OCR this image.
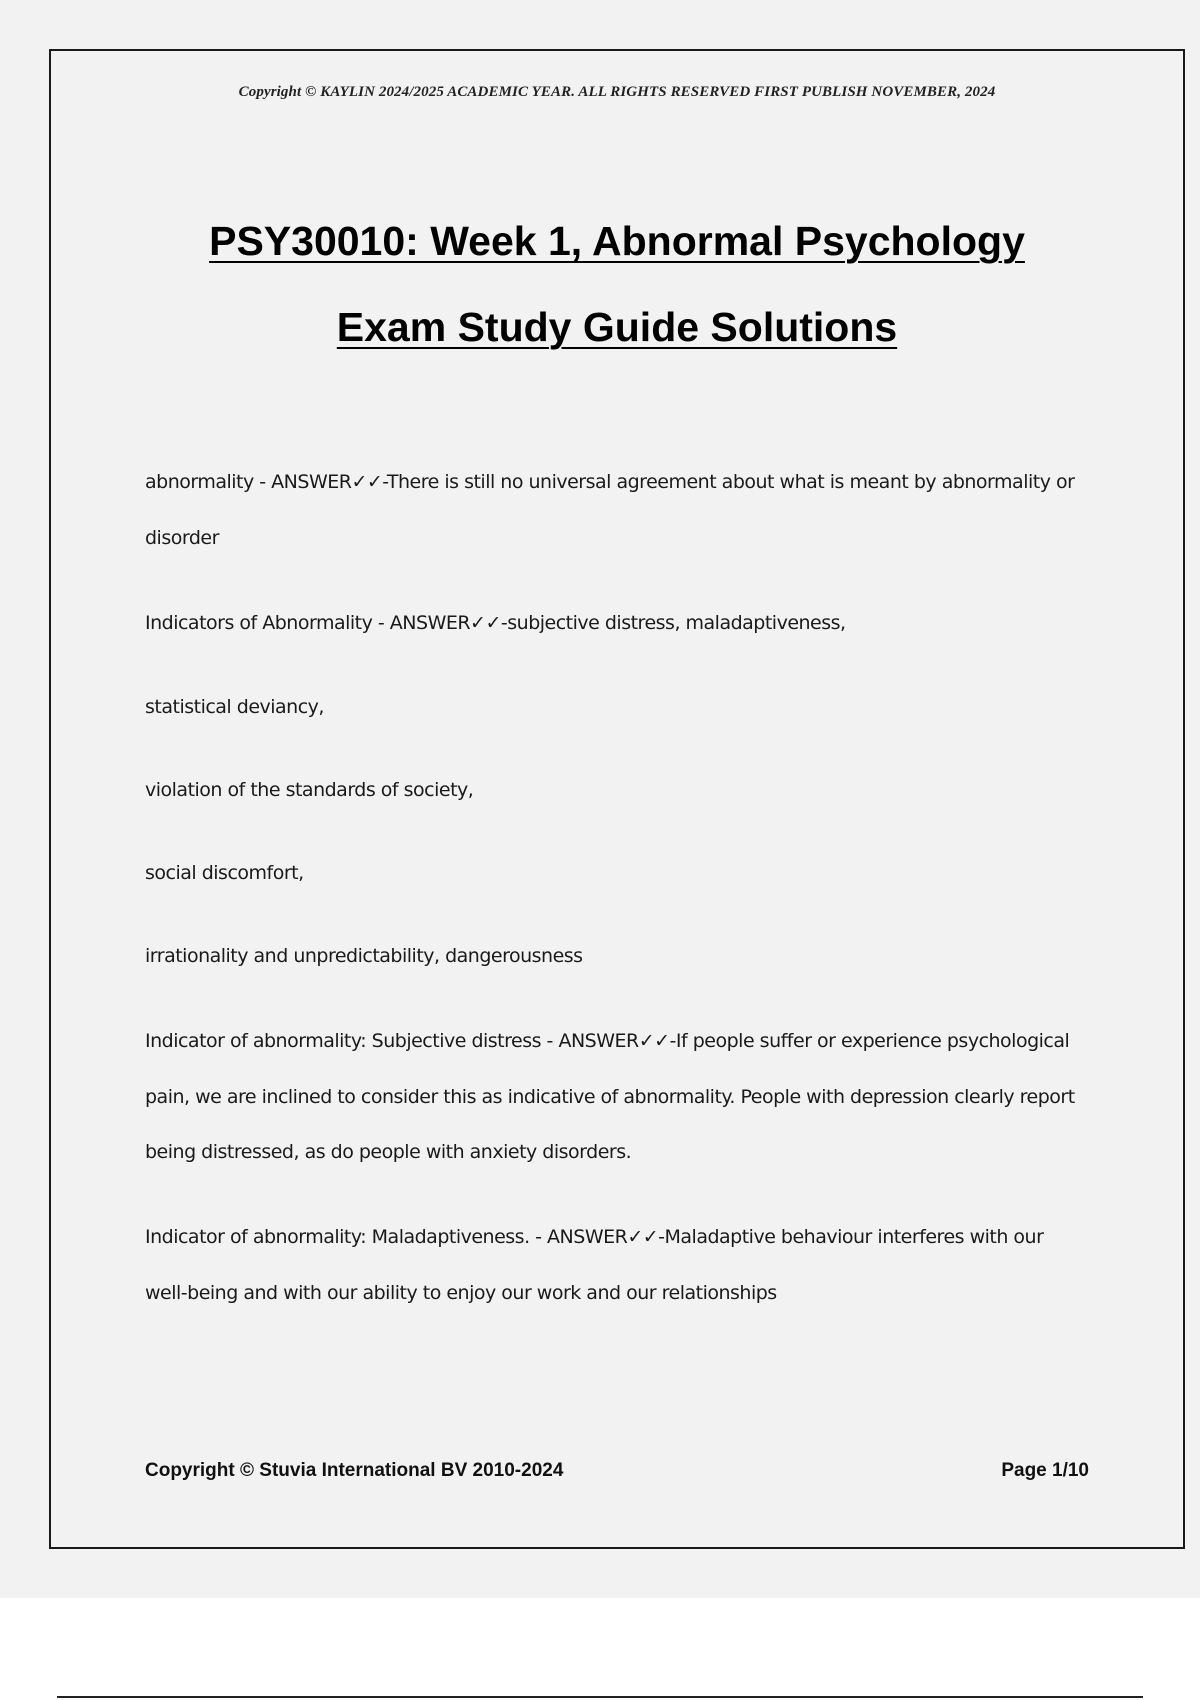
Copyright © KAYLIN 2024/2025 ACADEMIC YEAR. ALL RIGHTS RESERVED FIRST PUBLISH NOVEMBER, 2024
PSY30010: Week 1, Abnormal Psychology
Exam Study Guide Solutions
abnormality - ANSWER✓✓-There is still no universal agreement about what is meant by abnormality or
disorder
Indicators of Abnormality - ANSWER✓✓-subjective distress, maladaptiveness,
statistical deviancy,
violation of the standards of society,
social discomfort,
irrationality and unpredictability, dangerousness
Indicator of abnormality: Subjective distress - ANSWER✓✓-If people suffer or experience psychological
pain, we are inclined to consider this as indicative of abnormality. People with depression clearly report
being distressed, as do people with anxiety disorders.
Indicator of abnormality: Maladaptiveness. - ANSWER✓✓-Maladaptive behaviour interferes with our
well-being and with our ability to enjoy our work and our relationships
Copyright © Stuvia International BV 2010-2024	Page 1/10
